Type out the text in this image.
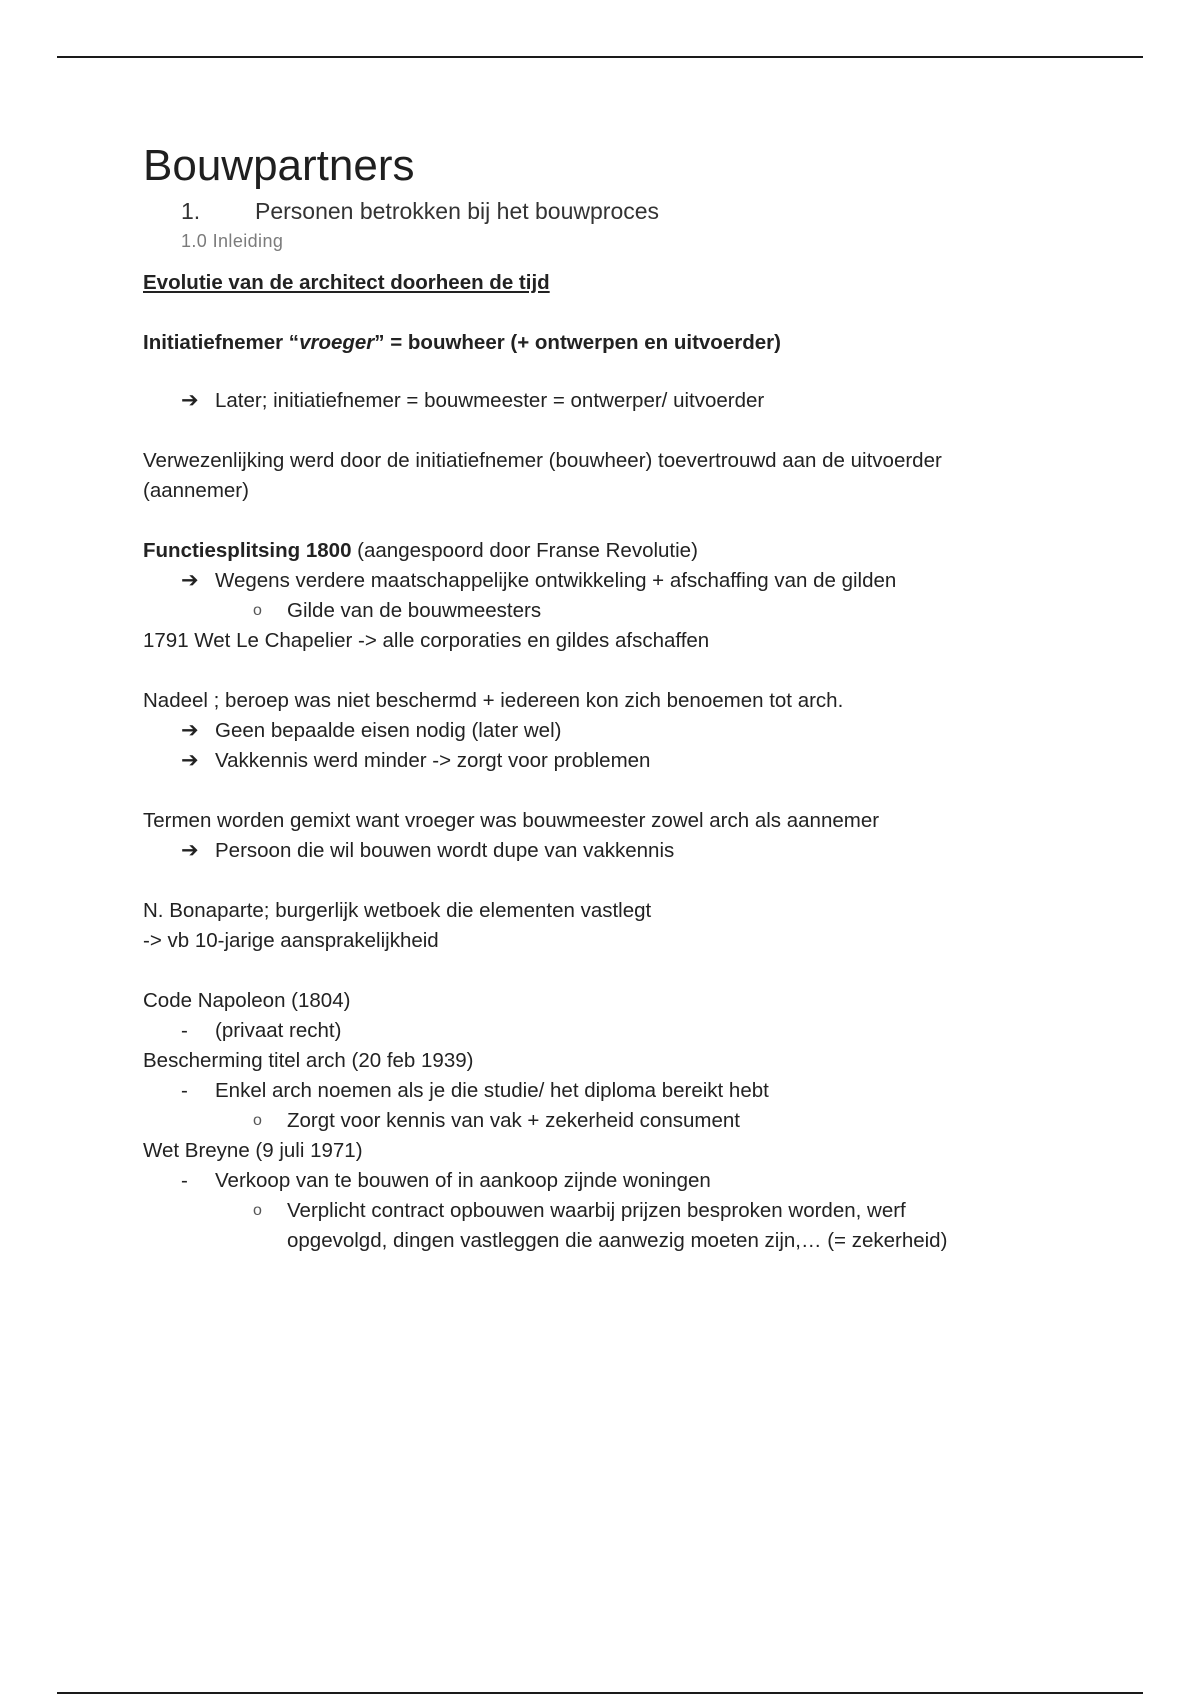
Bouwpartners
1.	Personen betrokken bij het bouwproces
1.0 Inleiding
Evolutie van de architect doorheen de tijd
Initiatiefnemer “vroeger” = bouwheer (+ ontwerpen en uitvoerder)
➔ Later; initiatiefnemer = bouwmeester = ontwerper/ uitvoerder
Verwezenlijking werd door de initiatiefnemer (bouwheer) toevertrouwd aan de uitvoerder
(aannemer)
Functiesplitsing 1800 (aangespoord door Franse Revolutie)
➔ Wegens verdere maatschappelijke ontwikkeling + afschaffing van de gilden
o	Gilde van de bouwmeesters
1791 Wet Le Chapelier -> alle corporaties en gildes afschaffen
Nadeel ; beroep was niet beschermd + iedereen kon zich benoemen tot arch.
➔ Geen bepaalde eisen nodig (later wel)
➔ Vakkennis werd minder -> zorgt voor problemen
Termen worden gemixt want vroeger was bouwmeester zowel arch als aannemer
➔ Persoon die wil bouwen wordt dupe van vakkennis
N. Bonaparte; burgerlijk wetboek die elementen vastlegt
-> vb 10-jarige aansprakelijkheid
Code Napoleon (1804)
-	(privaat recht)
Bescherming titel arch (20 feb 1939)
-	Enkel arch noemen als je die studie/ het diploma bereikt hebt
o	Zorgt voor kennis van vak + zekerheid consument
Wet Breyne (9 juli 1971)
-	Verkoop van te bouwen of in aankoop zijnde woningen
o	Verplicht contract opbouwen waarbij prijzen besproken worden, werf
opgevolgd, dingen vastleggen die aanwezig moeten zijn,… (= zekerheid)
